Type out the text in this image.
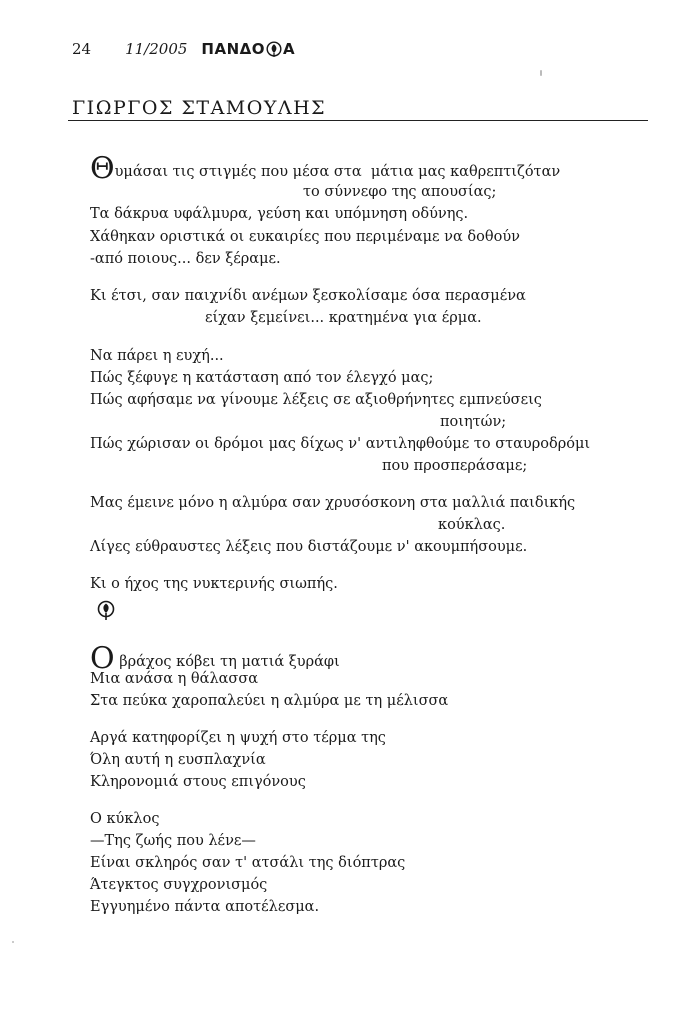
24 11/2005 ΠΑΝΔΟ Α
ΓΙΩΡΓΟΣ ΣΤΑΜΟΥΛΗΣ
Θυμάσαι τις στιγμές που μέσα στα  μάτια μας καθρεπτιζόταν
το σύννεφο της απουσίας;
Τα δάκρυα υφάλμυρα, γεύση και υπόμνηση οδύνης.
Χάθηκαν οριστικά οι ευκαιρίες που περιμέναμε να δοθούν
-από ποιους... δεν ξέραμε.
Κι έτσι, σαν παιχνίδι ανέμων ξεσκολίσαμε όσα περασμένα
είχαν ξεμείνει... κρατημένα για έρμα.
Να πάρει η ευχή...
Πώς ξέφυγε η κατάσταση από τον έλεγχό μας;
Πώς αφήσαμε να γίνουμε λέξεις σε αξιοθρήνητες εμπνεύσεις
ποιητών;
Πώς χώρισαν οι δρόμοι μας δίχως ν' αντιληφθούμε το σταυροδρόμι
που προσπεράσαμε;
Μας έμεινε μόνο η αλμύρα σαν χρυσόσκονη στα μαλλιά παιδικής
κούκλας.
Λίγες εύθραυστες λέξεις που διστάζουμε ν' ακουμπήσουμε.
Κι ο ήχος της νυκτερινής σιωπής.
Ο βράχος κόβει τη ματιά ξυράφι
Μια ανάσα η θάλασσα
Στα πεύκα χαροπαλεύει η αλμύρα με τη μέλισσα
Αργά κατηφορίζει η ψυχή στο τέρμα της
Όλη αυτή η ευσπλαχνία
Κληρονομιά στους επιγόνους
Ο κύκλος
—Της ζωής που λένε—
Είναι σκληρός σαν τ' ατσάλι της διόπτρας
Άτεγκτος συγχρονισμός
Εγγυημένο πάντα αποτέλεσμα.
